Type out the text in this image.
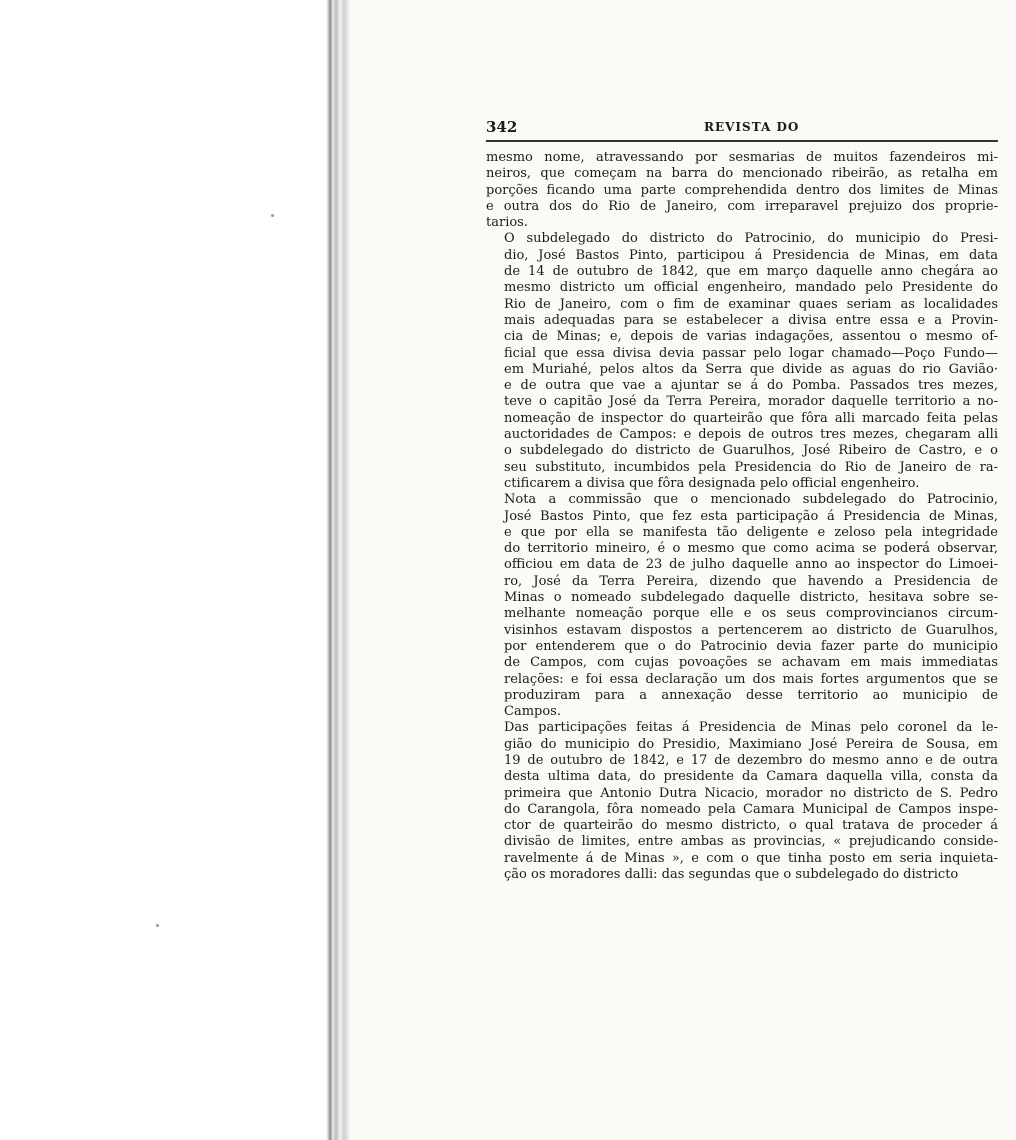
342	REVISTA DO

mesmo nome, atravessando por sesmarias de muitos fazendeiros mi-
neiros, que começam na barra do mencionado ribeirão, as retalha em
porções ficando uma parte comprehendida dentro dos limites de Minas
e outra dos do Rio de Janeiro, com irreparavel prejuizo dos proprie-
tarios.

O subdelegado do districto do Patrocinio, do municipio do Presi-
dio, José Bastos Pinto, participou á Presidencia de Minas, em data
de 14 de outubro de 1842, que em março daquelle anno chegára ao
mesmo districto um official engenheiro, mandado pelo Presidente do
Rio de Janeiro, com o fim de examinar quaes seriam as localidades
mais adequadas para se estabelecer a divisa entre essa e a Provin-
cia de Minas; e, depois de varias indagações, assentou o mesmo of-
ficial que essa divisa devia passar pelo logar chamado—Poço Fundo—
em Muriahé, pelos altos da Serra que divide as aguas do rio Gavião·
e de outra que vae a ajuntar se á do Pomba. Passados tres mezes,
teve o capitão José da Terra Pereira, morador daquelle territorio a no-
nomeação de inspector do quarteirão que fôra alli marcado feita pelas
auctoridades de Campos: e depois de outros tres mezes, chegaram alli
o subdelegado do districto de Guarulhos, José Ribeiro de Castro, e o
seu substituto, incumbidos pela Presidencia do Rio de Janeiro de ra-
ctificarem a divisa que fôra designada pelo official engenheiro.

Nota a commissão que o mencionado subdelegado do Patrocinio,
José Bastos Pinto, que fez esta participação á Presidencia de Minas,
e que por ella se manifesta tão deligente e zeloso pela integridade
do territorio mineiro, é o mesmo que como acima se poderá observar,
officiou em data de 23 de julho daquelle anno ao inspector do Limoei-
ro, José da Terra Pereira, dizendo que havendo a Presidencia de
Minas o nomeado subdelegado daquelle districto, hesitava sobre se-
melhante nomeação porque elle e os seus comprovincianos circum-
visinhos estavam dispostos a pertencerem ao districto de Guarulhos,
por entenderem que o do Patrocinio devia fazer parte do municipio
de Campos, com cujas povoações se achavam em mais immediatas
relações: e foi essa declaração um dos mais fortes argumentos que se
produziram para a annexação desse territorio ao municipio de
Campos.

Das participações feitas á Presidencia de Minas pelo coronel da le-
gião do municipio do Presidio, Maximiano José Pereira de Sousa, em
19 de outubro de 1842, e 17 de dezembro do mesmo anno e de outra
desta ultima data, do presidente da Camara daquella villa, consta da
primeira que Antonio Dutra Nicacio, morador no districto de S. Pedro
do Carangola, fôra nomeado pela Camara Municipal de Campos inspe-
ctor de quarteirão do mesmo districto, o qual tratava de proceder á
divisão de limites, entre ambas as provincias, « prejudicando conside-
ravelmente á de Minas », e com o que tinha posto em seria inquieta-
ção os moradores dalli: das segundas que o subdelegado do districto
